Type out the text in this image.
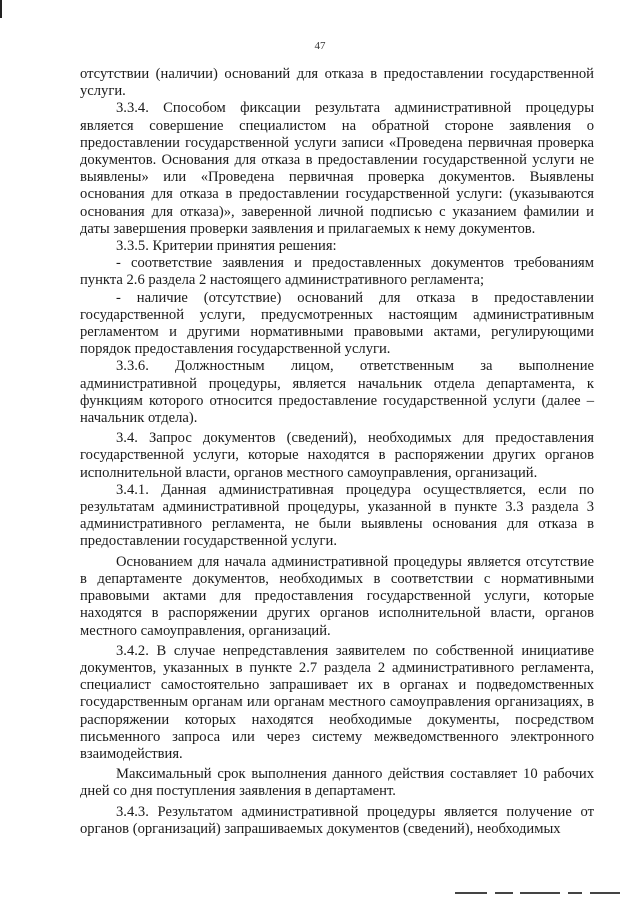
47

отсутствии (наличии) оснований для отказа в предоставлении государственной услуги.

3.3.4. Способом фиксации результата административной процедуры является совершение специалистом на обратной стороне заявления о предоставлении государственной услуги записи «Проведена первичная проверка документов. Основания для отказа в предоставлении государственной услуги не выявлены» или «Проведена первичная проверка документов. Выявлены основания для отказа в предоставлении государственной услуги: (указываются основания для отказа)», заверенной личной подписью с указанием фамилии и даты завершения проверки заявления и прилагаемых к нему документов.

3.3.5. Критерии принятия решения:

- соответствие заявления и предоставленных документов требованиям пункта 2.6 раздела 2 настоящего административного регламента;

- наличие (отсутствие) оснований для отказа в предоставлении государственной услуги, предусмотренных настоящим административным регламентом и другими нормативными правовыми актами, регулирующими порядок предоставления государственной услуги.

3.3.6. Должностным лицом, ответственным за выполнение административной процедуры, является начальник отдела департамента, к функциям которого относится предоставление государственной услуги (далее – начальник отдела).

3.4. Запрос документов (сведений), необходимых для предоставления государственной услуги, которые находятся в распоряжении других органов исполнительной власти, органов местного самоуправления, организаций.

3.4.1. Данная административная процедура осуществляется, если по результатам административной процедуры, указанной в пункте 3.3 раздела 3 административного регламента, не были выявлены основания для отказа в предоставлении государственной услуги.

Основанием для начала административной процедуры является отсутствие в департаменте документов, необходимых в соответствии с нормативными правовыми актами для предоставления государственной услуги, которые находятся в распоряжении других органов исполнительной власти, органов местного самоуправления, организаций.

3.4.2. В случае непредставления заявителем по собственной инициативе документов, указанных в пункте 2.7 раздела 2 административного регламента, специалист самостоятельно запрашивает их в органах и подведомственных государственным органам или органам местного самоуправления организациях, в распоряжении которых находятся необходимые документы, посредством письменного запроса или через систему межведомственного электронного взаимодействия.

Максимальный срок выполнения данного действия составляет 10 рабочих дней со дня поступления заявления в департамент.

3.4.3. Результатом административной процедуры является получение от органов (организаций) запрашиваемых документов (сведений), необходимых
